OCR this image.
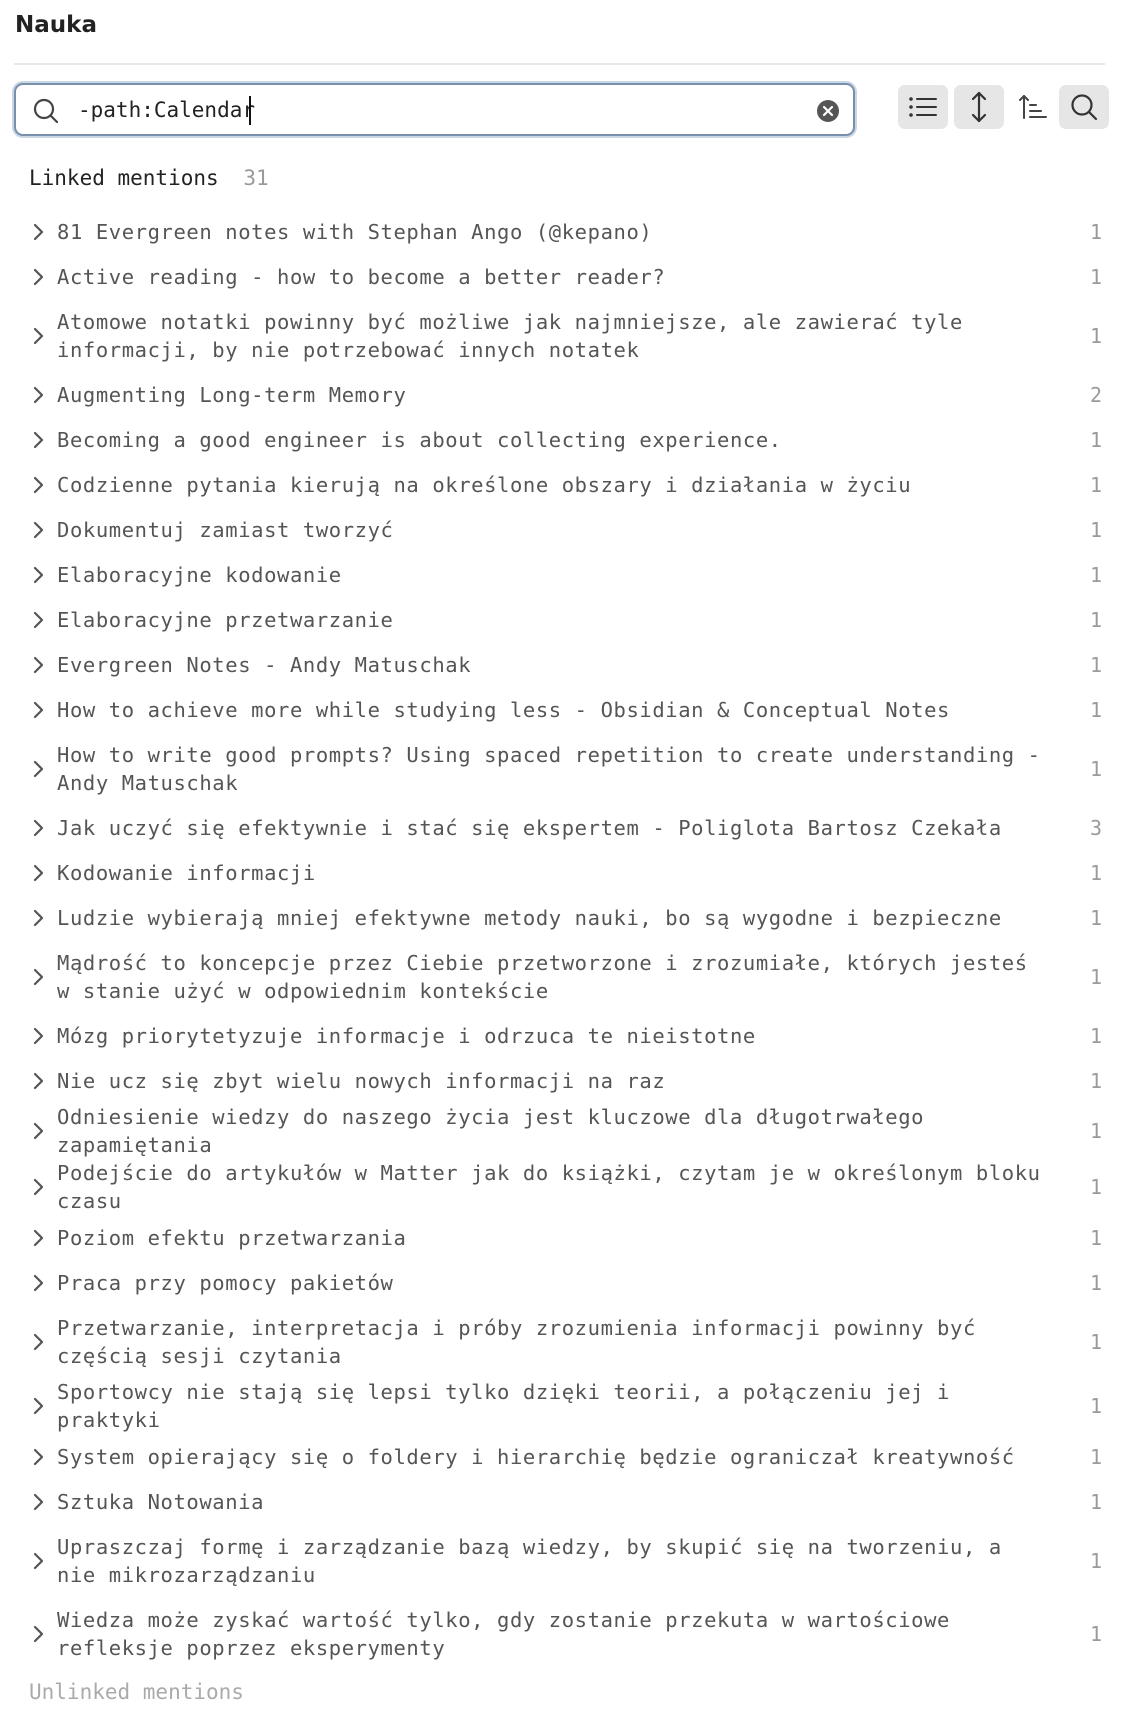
Nauka
-path:Calendar
Linked mentions 31
81 Evergreen notes with Stephan Ango (@kepano)	1
Active reading - how to become a better reader?	1
Atomowe notatki powinny być możliwe jak najmniejsze, ale zawierać tyle informacji, by nie potrzebować innych notatek
1
Augmenting Long-term Memory	2
Becoming a good engineer is about collecting experience.	1
Codzienne pytania kierują na określone obszary i działania w życiu	1
Dokumentuj zamiast tworzyć	1
Elaboracyjne kodowanie	1
Elaboracyjne przetwarzanie	1
Evergreen Notes - Andy Matuschak	1
How to achieve more while studying less - Obsidian & Conceptual Notes	1
How to write good prompts? Using spaced repetition to create understanding - Andy Matuschak
1
Jak uczyć się efektywnie i stać się ekspertem - Poliglota Bartosz Czekała	3
Kodowanie informacji	1
Ludzie wybierają mniej efektywne metody nauki, bo są wygodne i bezpieczne	1
Mądrość to koncepcje przez Ciebie przetworzone i zrozumiałe, których jesteś w stanie użyć w odpowiednim kontekście
1
Mózg priorytetyzuje informacje i odrzuca te nieistotne	1
Nie ucz się zbyt wielu nowych informacji na raz	1
Odniesienie wiedzy do naszego życia jest kluczowe dla długotrwałego zapamiętania
1
Podejście do artykułów w Matter jak do książki, czytam je w określonym bloku czasu
1
Poziom efektu przetwarzania	1
Praca przy pomocy pakietów	1
Przetwarzanie, interpretacja i próby zrozumienia informacji powinny być częścią sesji czytania
1
Sportowcy nie stają się lepsi tylko dzięki teorii, a połączeniu jej i praktyki
1
System opierający się o foldery i hierarchię będzie ograniczał kreatywność	1
Sztuka Notowania	1
Upraszczaj formę i zarządzanie bazą wiedzy, by skupić się na tworzeniu, a nie mikrozarządzaniu
1
Wiedza może zyskać wartość tylko, gdy zostanie przekuta w wartościowe refleksje poprzez eksperymenty
1
Unlinked mentions
